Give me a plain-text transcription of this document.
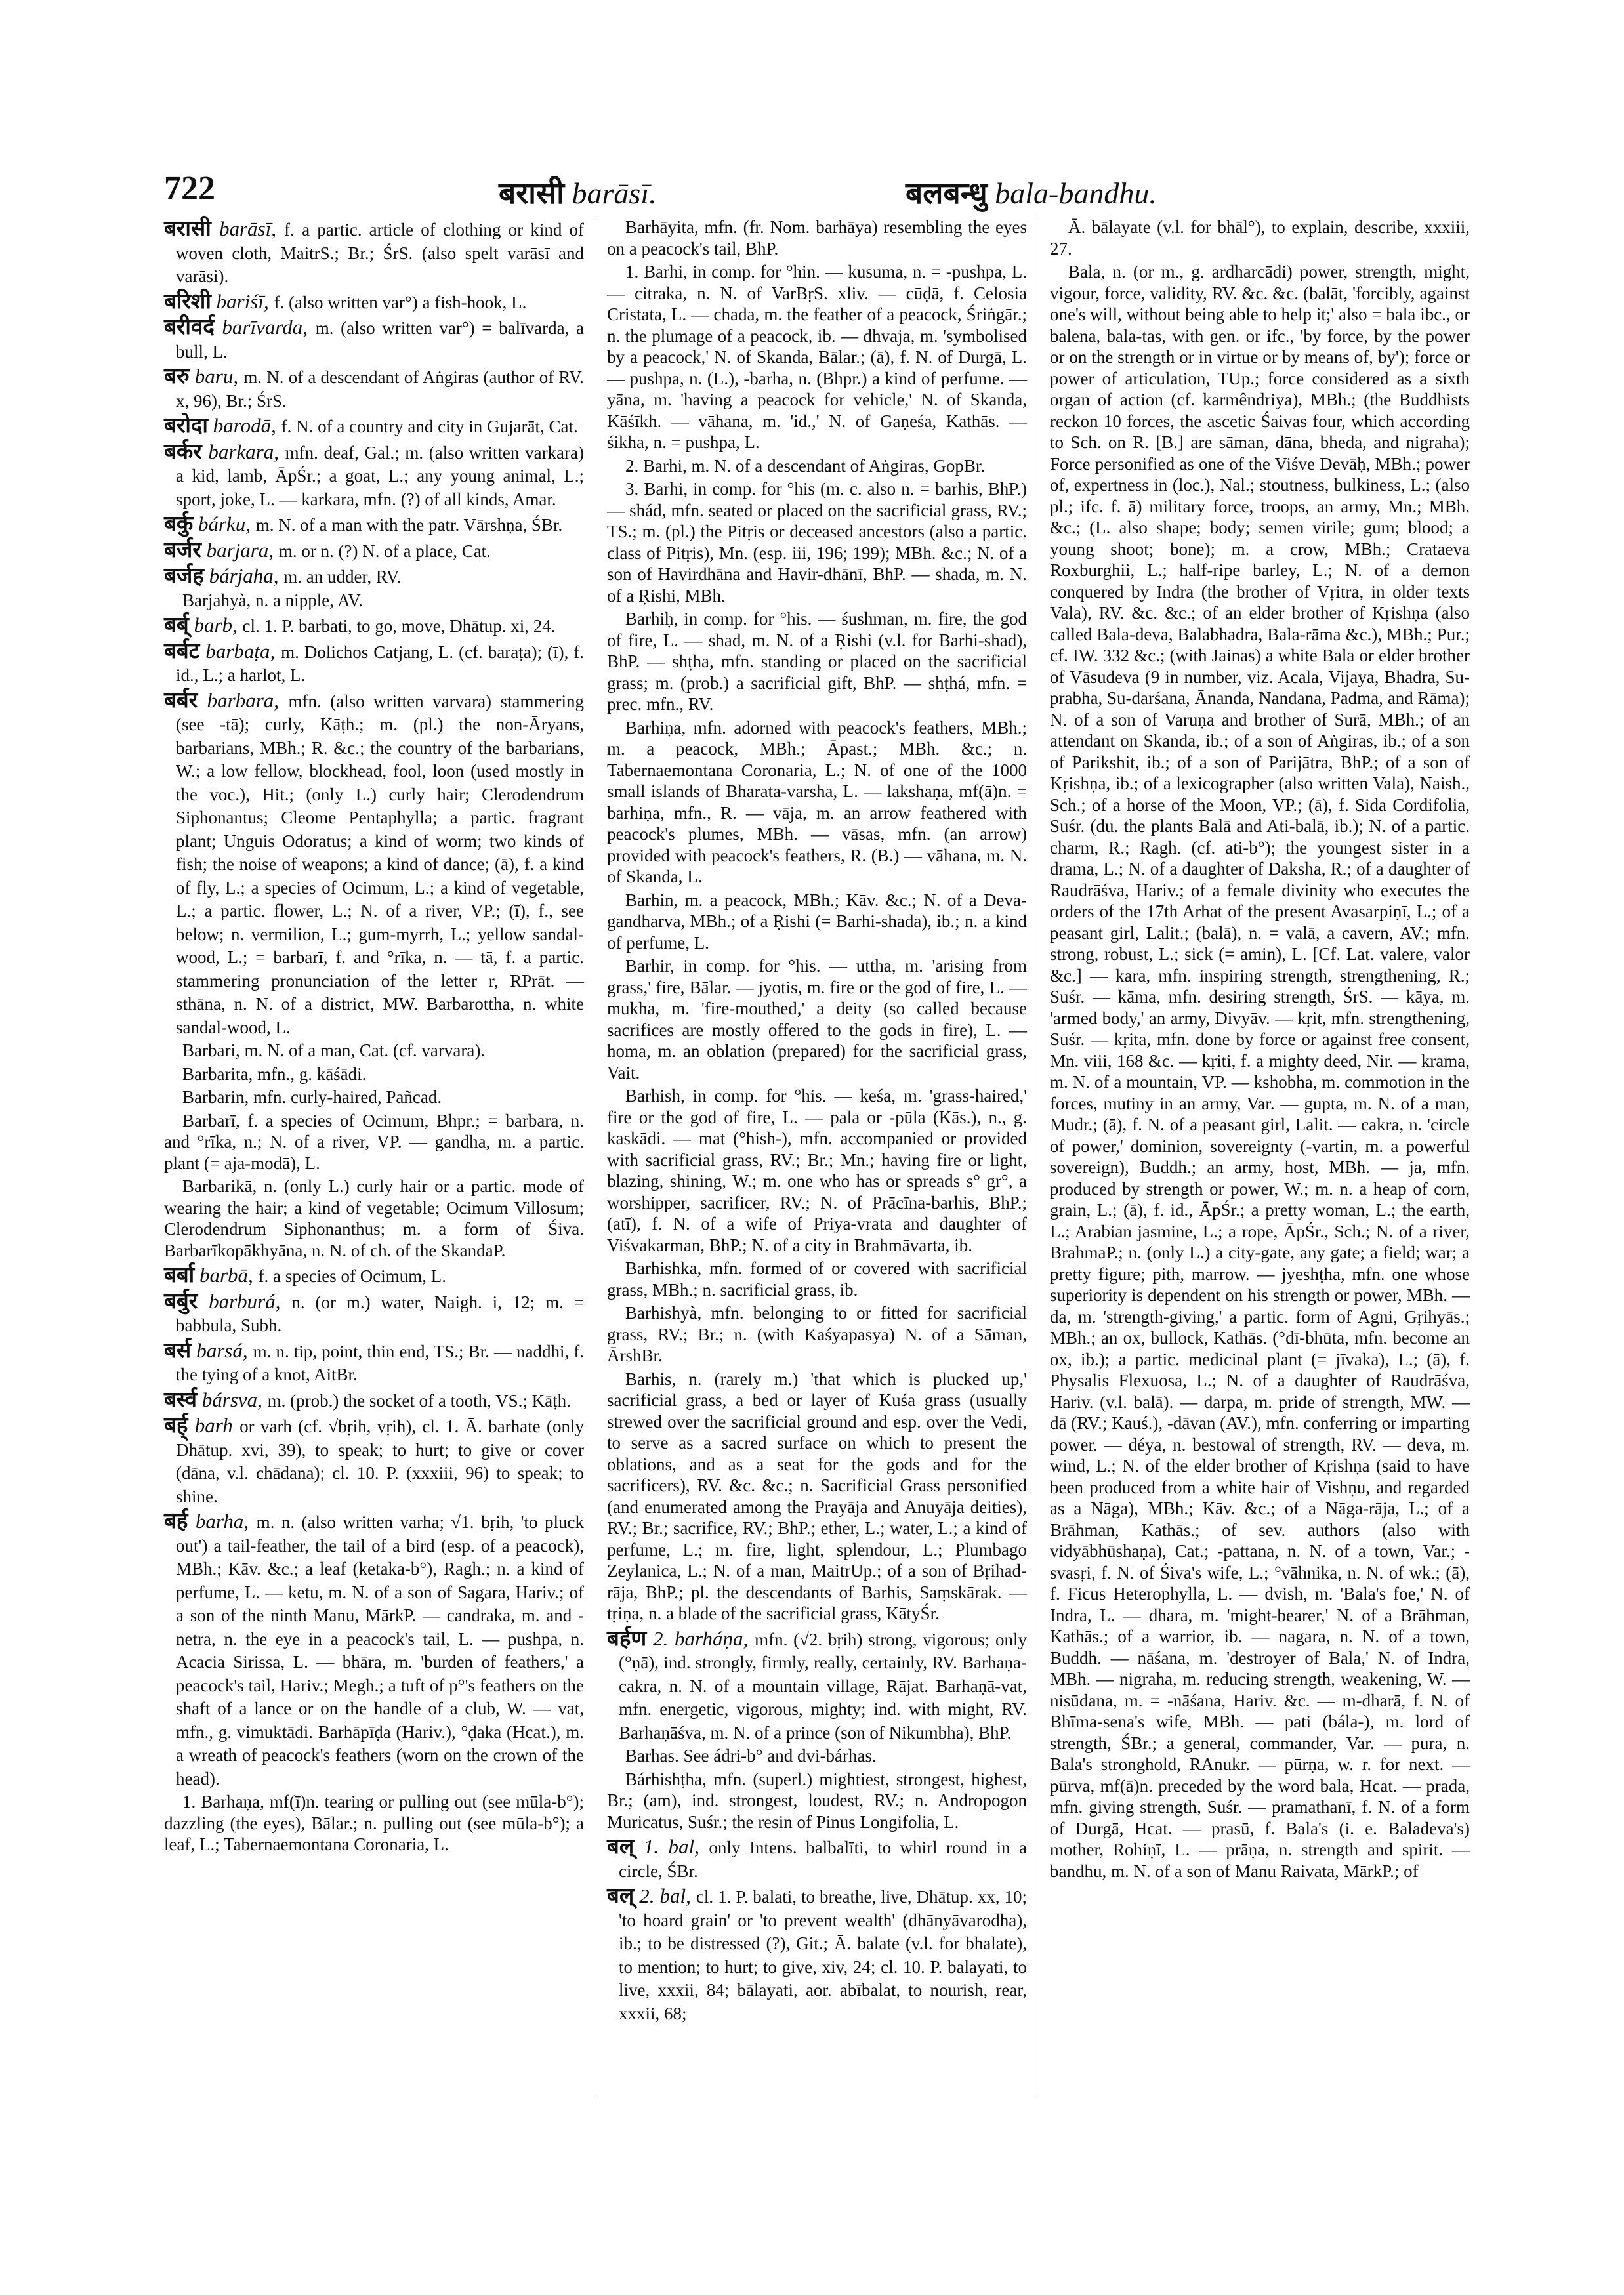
722	बरासी barāsī.	बलबन्धु bala-bandhu.

बरासी barāsī, f. a partic. article of clothing or kind of woven cloth, MaitrS.; Br.; ŚrS. (also spelt varāsī and varāsi).

बरिशी bariśī, f. (also written var°) a fish-hook, L.

बरीवर्द barīvarda, m. (also written var°) = balīvarda, a bull, L.

बरु baru, m. N. of a descendant of Aṅgiras (author of RV. x, 96), Br.; ŚrS.

बरोदा barodā, f. N. of a country and city in Gujarāt, Cat.

बर्कर barkara, mfn. deaf, Gal.; m. (also written varkara) a kid, lamb, ĀpŚr.; a goat, L.; any young animal, L.; sport, joke, L. — karkara, mfn. (?) of all kinds, Amar.

बर्कु bárku, m. N. of a man with the patr. Vārshṇa, ŚBr.

बर्जर barjara, m. or n. (?) N. of a place, Cat.

बर्जह bárjaha, m. an udder, RV.

Barjahyà, n. a nipple, AV.

बर्ब् barb, cl. 1. P. barbati, to go, move, Dhātup. xi, 24.

बर्बट barbaṭa, m. Dolichos Catjang, L. (cf. baraṭa); (ī), f. id., L.; a harlot, L.

बर्बर barbara, mfn. (also written varvara) stammering (see -tā); curly, Kāṭh.; m. (pl.) the non-Āryans, barbarians, MBh.; R. &c.; the country of the barbarians, W.; a low fellow, blockhead, fool, loon (used mostly in the voc.), Hit.; (only L.) curly hair; Clerodendrum Siphonantus; Cleome Pentaphylla; a partic. fragrant plant; Unguis Odoratus; a kind of worm; two kinds of fish; the noise of weapons; a kind of dance; (ā), f. a kind of fly, L.; a species of Ocimum, L.; a kind of vegetable, L.; a partic. flower, L.; N. of a river, VP.; (ī), f., see below; n. vermilion, L.; gum-myrrh, L.; yellow sandal-wood, L.; = barbarī, f. and °rīka, n. — tā, f. a partic. stammering pronunciation of the letter r, RPrāt. — sthāna, n. N. of a district, MW. Barbarottha, n. white sandal-wood, L.

Barbari, m. N. of a man, Cat. (cf. varvara).

Barbarita, mfn., g. kāśādi.

Barbarin, mfn. curly-haired, Pañcad.

Barbarī, f. a species of Ocimum, Bhpr.; = barbara, n. and °rīka, n.; N. of a river, VP. — gandha, m. a partic. plant (= aja-modā), L.

Barbarikā, n. (only L.) curly hair or a partic. mode of wearing the hair; a kind of vegetable; Ocimum Villosum; Clerodendrum Siphonanthus; m. a form of Śiva. Barbarīkopākhyāna, n. N. of ch. of the SkandaP.

बर्बा barbā, f. a species of Ocimum, L.

बर्बुर barburá, n. (or m.) water, Naigh. i, 12; m. = babbula, Subh.

बर्स barsá, m. n. tip, point, thin end, TS.; Br. — naddhi, f. the tying of a knot, AitBr.

बर्स्व bársva, m. (prob.) the socket of a tooth, VS.; Kāṭh.

बर्ह् barh or varh (cf. √bṛih, vṛih), cl. 1. Ā. barhate (only Dhātup. xvi, 39), to speak; to hurt; to give or cover (dāna, v.l. chādana); cl. 10. P. (xxxiii, 96) to speak; to shine.

बर्ह barha, m. n. (also written varha; √1. bṛih, 'to pluck out') a tail-feather, the tail of a bird (esp. of a peacock), MBh.; Kāv. &c.; a leaf (ketaka-b°), Ragh.; n. a kind of perfume, L. — ketu, m. N. of a son of Sagara, Hariv.; of a son of the ninth Manu, MārkP. — candraka, m. and -netra, n. the eye in a peacock's tail, L. — pushpa, n. Acacia Sirissa, L. — bhāra, m. 'burden of feathers,' a peacock's tail, Hariv.; Megh.; a tuft of p°'s feathers on the shaft of a lance or on the handle of a club, W. — vat, mfn., g. vimuktādi. Barhāpīḍa (Hariv.), °ḍaka (Hcat.), m. a wreath of peacock's feathers (worn on the crown of the head).

1. Barhaṇa, mf(ī)n. tearing or pulling out (see mūla-b°); dazzling (the eyes), Bālar.; n. pulling out (see mūla-b°); a leaf, L.; Tabernaemontana Coronaria, L.

Barhāyita, mfn. (fr. Nom. barhāya) resembling the eyes on a peacock's tail, BhP.

1. Barhi, in comp. for °hin. — kusuma, n. = -pushpa, L. — citraka, n. N. of VarBṛS. xliv. — cūḍā, f. Celosia Cristata, L. — chada, m. the feather of a peacock, Śriṅgār.; n. the plumage of a peacock, ib. — dhvaja, m. 'symbolised by a peacock,' N. of Skanda, Bālar.; (ā), f. N. of Durgā, L. — pushpa, n. (L.), -barha, n. (Bhpr.) a kind of perfume. — yāna, m. 'having a peacock for vehicle,' N. of Skanda, Kāśīkh. — vāhana, m. 'id.,' N. of Gaṇeśa, Kathās. — śikha, n. = pushpa, L.

2. Barhi, m. N. of a descendant of Aṅgiras, GopBr.

3. Barhi, in comp. for °his (m. c. also n. = barhis, BhP.) — shád, mfn. seated or placed on the sacrificial grass, RV.; TS.; m. (pl.) the Pitṛis or deceased ancestors (also a partic. class of Pitṛis), Mn. (esp. iii, 196; 199); MBh. &c.; N. of a son of Havirdhāna and Havir-dhānī, BhP. — shada, m. N. of a Ṛishi, MBh.

Barhiḥ, in comp. for °his. — śushman, m. fire, the god of fire, L. — shad, m. N. of a Ṛishi (v.l. for Barhi-shad), BhP. — shṭha, mfn. standing or placed on the sacrificial grass; m. (prob.) a sacrificial gift, BhP. — shṭhá, mfn. = prec. mfn., RV.

Barhiṇa, mfn. adorned with peacock's feathers, MBh.; m. a peacock, MBh.; Āpast.; MBh. &c.; n. Tabernaemontana Coronaria, L.; N. of one of the 1000 small islands of Bharata-varsha, L. — lakshaṇa, mf(ā)n. = barhiṇa, mfn., R. — vāja, m. an arrow feathered with peacock's plumes, MBh. — vāsas, mfn. (an arrow) provided with peacock's feathers, R. (B.) — vāhana, m. N. of Skanda, L.

Barhin, m. a peacock, MBh.; Kāv. &c.; N. of a Deva-gandharva, MBh.; of a Ṛishi (= Barhi-shada), ib.; n. a kind of perfume, L.

Barhir, in comp. for °his. — uttha, m. 'arising from grass,' fire, Bālar. — jyotis, m. fire or the god of fire, L. — mukha, m. 'fire-mouthed,' a deity (so called because sacrifices are mostly offered to the gods in fire), L. — homa, m. an oblation (prepared) for the sacrificial grass, Vait.

Barhish, in comp. for °his. — keśa, m. 'grass-haired,' fire or the god of fire, L. — pala or -pūla (Kās.), n., g. kaskādi. — mat (°hish-), mfn. accompanied or provided with sacrificial grass, RV.; Br.; Mn.; having fire or light, blazing, shining, W.; m. one who has or spreads s° gr°, a worshipper, sacrificer, RV.; N. of Prācīna-barhis, BhP.; (atī), f. N. of a wife of Priya-vrata and daughter of Viśvakarman, BhP.; N. of a city in Brahmāvarta, ib.

Barhishka, mfn. formed of or covered with sacrificial grass, MBh.; n. sacrificial grass, ib.

Barhishyà, mfn. belonging to or fitted for sacrificial grass, RV.; Br.; n. (with Kaśyapasya) N. of a Sāman, ĀrshBr.

Barhis, n. (rarely m.) 'that which is plucked up,' sacrificial grass, a bed or layer of Kuśa grass (usually strewed over the sacrificial ground and esp. over the Vedi, to serve as a sacred surface on which to present the oblations, and as a seat for the gods and for the sacrificers), RV. &c. &c.; n. Sacrificial Grass personified (and enumerated among the Prayāja and Anuyāja deities), RV.; Br.; sacrifice, RV.; BhP.; ether, L.; water, L.; a kind of perfume, L.; m. fire, light, splendour, L.; Plumbago Zeylanica, L.; N. of a man, MaitrUp.; of a son of Bṛihad-rāja, BhP.; pl. the descendants of Barhis, Saṃskārak. — tṛiṇa, n. a blade of the sacrificial grass, KātyŚr.

बर्हण 2. barháṇa, mfn. (√2. bṛih) strong, vigorous; only (°ṇā), ind. strongly, firmly, really, certainly, RV. Barhaṇa-cakra, n. N. of a mountain village, Rājat. Barhaṇā-vat, mfn. energetic, vigorous, mighty; ind. with might, RV. Barhaṇāśva, m. N. of a prince (son of Nikumbha), BhP.

Barhas. See ádri-b° and dvi-bárhas.

Bárhishṭha, mfn. (superl.) mightiest, strongest, highest, Br.; (am), ind. strongest, loudest, RV.; n. Andropogon Muricatus, Suśr.; the resin of Pinus Longifolia, L.

बल् 1. bal, only Intens. balbalīti, to whirl round in a circle, ŚBr.

बल् 2. bal, cl. 1. P. balati, to breathe, live, Dhātup. xx, 10; 'to hoard grain' or 'to prevent wealth' (dhānyāvarodha), ib.; to be distressed (?), Git.; Ā. balate (v.l. for bhalate), to mention; to hurt; to give, xiv, 24; cl. 10. P. balayati, to live, xxxii, 84; bālayati, aor. abībalat, to nourish, rear, xxxii, 68;

Ā. bālayate (v.l. for bhāl°), to explain, describe, xxxiii, 27.

Bala, n. (or m., g. ardharcādi) power, strength, might, vigour, force, validity, RV. &c. &c. (balāt, 'forcibly, against one's will, without being able to help it;' also = bala ibc., or balena, bala-tas, with gen. or ifc., 'by force, by the power or on the strength or in virtue or by means of, by'); force or power of articulation, TUp.; force considered as a sixth organ of action (cf. karmêndriya), MBh.; (the Buddhists reckon 10 forces, the ascetic Śaivas four, which according to Sch. on R. [B.] are sāman, dāna, bheda, and nigraha); Force personified as one of the Viśve Devāḥ, MBh.; power of, expertness in (loc.), Nal.; stoutness, bulkiness, L.; (also pl.; ifc. f. ā) military force, troops, an army, Mn.; MBh. &c.; (L. also shape; body; semen virile; gum; blood; a young shoot; bone); m. a crow, MBh.; Crataeva Roxburghii, L.; half-ripe barley, L.; N. of a demon conquered by Indra (the brother of Vṛitra, in older texts Vala), RV. &c. &c.; of an elder brother of Kṛishṇa (also called Bala-deva, Balabhadra, Bala-rāma &c.), MBh.; Pur.; cf. IW. 332 &c.; (with Jainas) a white Bala or elder brother of Vāsudeva (9 in number, viz. Acala, Vijaya, Bhadra, Su-prabha, Su-darśana, Ānanda, Nandana, Padma, and Rāma); N. of a son of Varuṇa and brother of Surā, MBh.; of an attendant on Skanda, ib.; of a son of Aṅgiras, ib.; of a son of Parikshit, ib.; of a son of Parijātra, BhP.; of a son of Kṛishṇa, ib.; of a lexicographer (also written Vala), Naish., Sch.; of a horse of the Moon, VP.; (ā), f. Sida Cordifolia, Suśr. (du. the plants Balā and Ati-balā, ib.); N. of a partic. charm, R.; Ragh. (cf. ati-b°); the youngest sister in a drama, L.; N. of a daughter of Daksha, R.; of a daughter of Raudrāśva, Hariv.; of a female divinity who executes the orders of the 17th Arhat of the present Avasarpiṇī, L.; of a peasant girl, Lalit.; (balā), n. = valā, a cavern, AV.; mfn. strong, robust, L.; sick (= amin), L. [Cf. Lat. valere, valor &c.] — kara, mfn. inspiring strength, strengthening, R.; Suśr. — kāma, mfn. desiring strength, ŚrS. — kāya, m. 'armed body,' an army, Divyāv. — kṛit, mfn. strengthening, Suśr. — kṛita, mfn. done by force or against free consent, Mn. viii, 168 &c. — kṛiti, f. a mighty deed, Nir. — krama, m. N. of a mountain, VP. — kshobha, m. commotion in the forces, mutiny in an army, Var. — gupta, m. N. of a man, Mudr.; (ā), f. N. of a peasant girl, Lalit. — cakra, n. 'circle of power,' dominion, sovereignty (-vartin, m. a powerful sovereign), Buddh.; an army, host, MBh. — ja, mfn. produced by strength or power, W.; m. n. a heap of corn, grain, L.; (ā), f. id., ĀpŚr.; a pretty woman, L.; the earth, L.; Arabian jasmine, L.; a rope, ĀpŚr., Sch.; N. of a river, BrahmaP.; n. (only L.) a city-gate, any gate; a field; war; a pretty figure; pith, marrow. — jyeshṭha, mfn. one whose superiority is dependent on his strength or power, MBh. — da, m. 'strength-giving,' a partic. form of Agni, Gṛihyās.; MBh.; an ox, bullock, Kathās. (°dī-bhūta, mfn. become an ox, ib.); a partic. medicinal plant (= jīvaka), L.; (ā), f. Physalis Flexuosa, L.; N. of a daughter of Raudrāśva, Hariv. (v.l. balā). — darpa, m. pride of strength, MW. — dā (RV.; Kauś.), -dāvan (AV.), mfn. conferring or imparting power. — déya, n. bestowal of strength, RV. — deva, m. wind, L.; N. of the elder brother of Kṛishṇa (said to have been produced from a white hair of Vishṇu, and regarded as a Nāga), MBh.; Kāv. &c.; of a Nāga-rāja, L.; of a Brāhman, Kathās.; of sev. authors (also with vidyābhūshaṇa), Cat.; -pattana, n. N. of a town, Var.; -svasṛi, f. N. of Śiva's wife, L.; °vāhnika, n. N. of wk.; (ā), f. Ficus Heterophylla, L. — dvish, m. 'Bala's foe,' N. of Indra, L. — dhara, m. 'might-bearer,' N. of a Brāhman, Kathās.; of a warrior, ib. — nagara, n. N. of a town, Buddh. — nāśana, m. 'destroyer of Bala,' N. of Indra, MBh. — nigraha, m. reducing strength, weakening, W. — nisūdana, m. = -nāśana, Hariv. &c. — m-dharā, f. N. of Bhīma-sena's wife, MBh. — pati (bála-), m. lord of strength, ŚBr.; a general, commander, Var. — pura, n. Bala's stronghold, RAnukr. — pūrṇa, w. r. for next. — pūrva, mf(ā)n. preceded by the word bala, Hcat. — prada, mfn. giving strength, Suśr. — pramathanī, f. N. of a form of Durgā, Hcat. — prasū, f. Bala's (i. e. Baladeva's) mother, Rohiṇī, L. — prāṇa, n. strength and spirit. — bandhu, m. N. of a son of Manu Raivata, MārkP.; of
